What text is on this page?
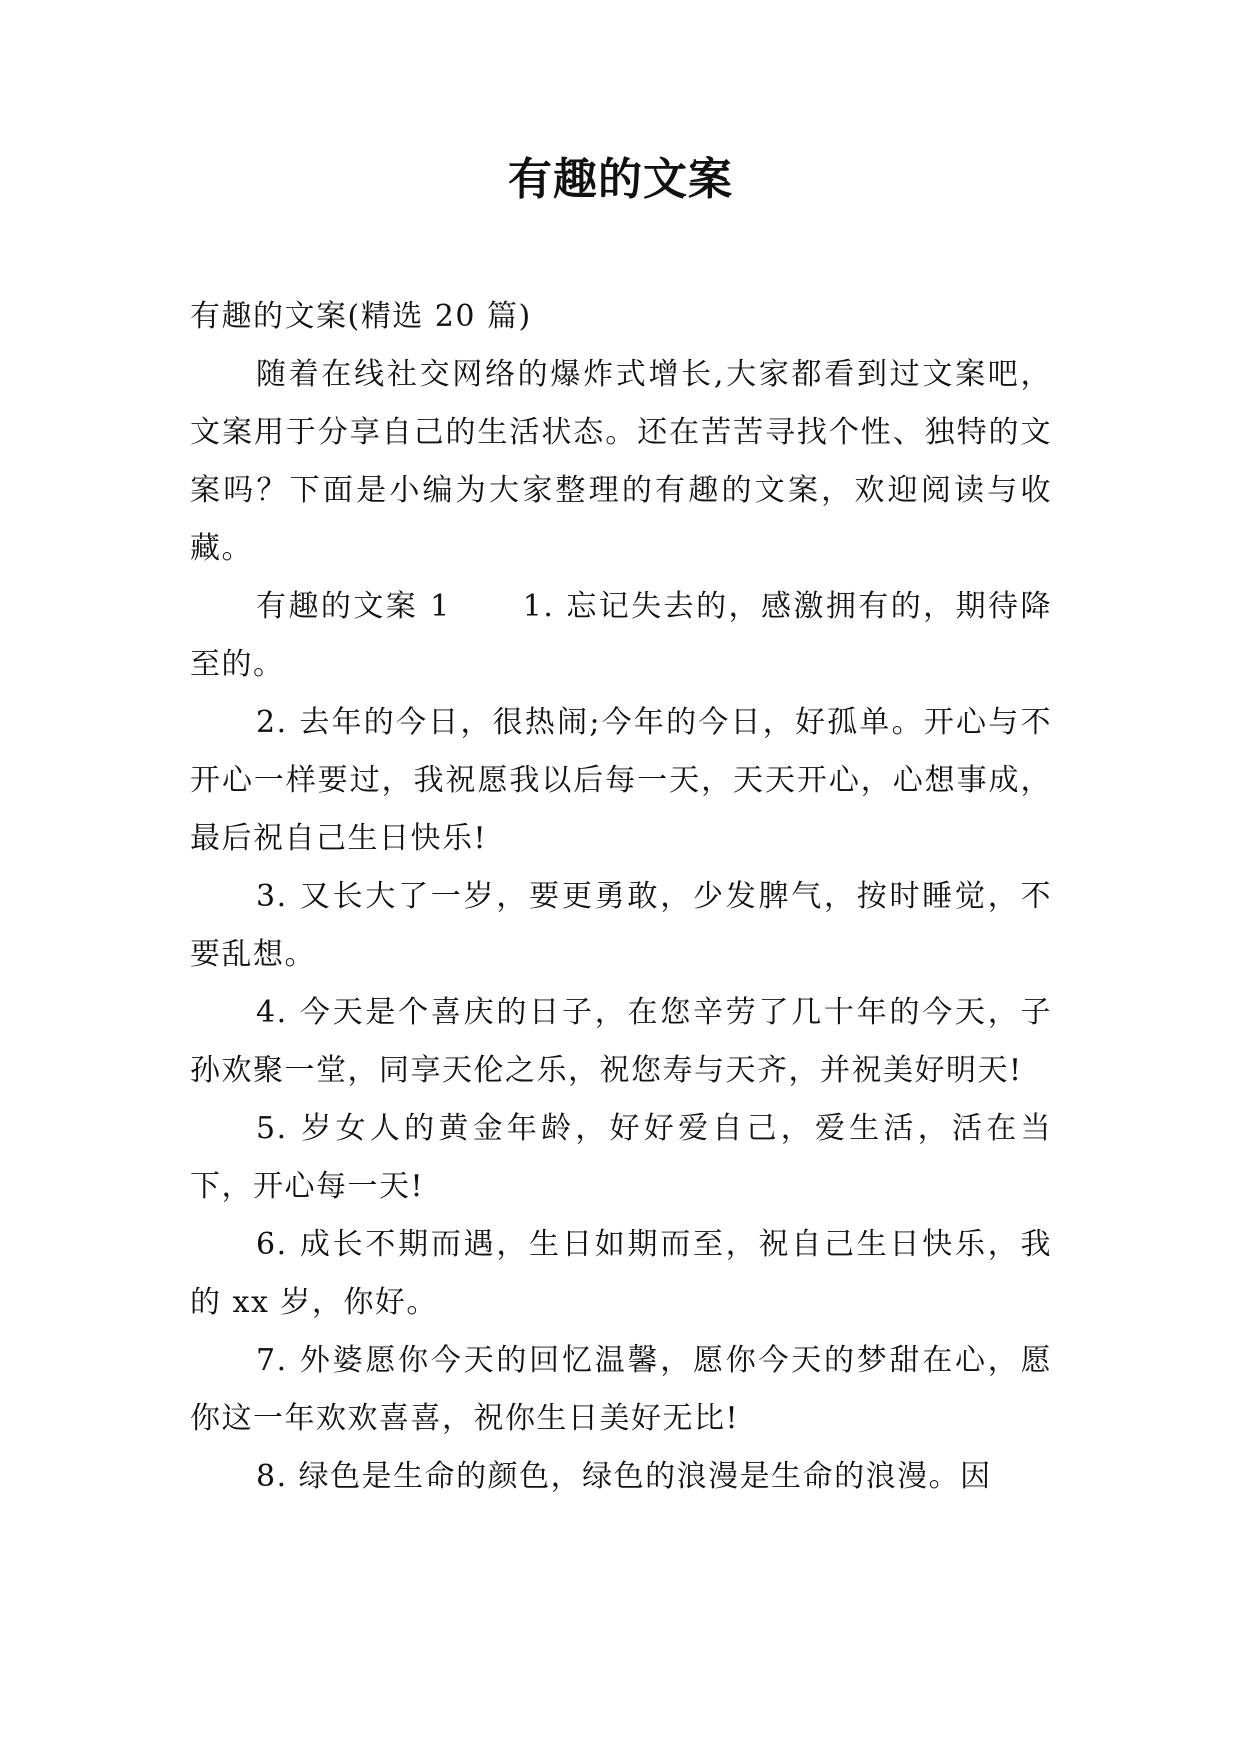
有趣的文案

有趣的文案(精选 20 篇)

随着在线社交网络的爆炸式增长,大家都看到过文案吧，文案用于分享自己的生活状态。还在苦苦寻找个性、独特的文案吗？下面是小编为大家整理的有趣的文案，欢迎阅读与收藏。

有趣的文案 1 1. 忘记失去的，感激拥有的，期待降至的。

2. 去年的今日，很热闹;今年的今日，好孤单。开心与不开心一样要过，我祝愿我以后每一天，天天开心，心想事成，最后祝自己生日快乐!

3. 又长大了一岁，要更勇敢，少发脾气，按时睡觉，不要乱想。

4. 今天是个喜庆的日子，在您辛劳了几十年的今天，子孙欢聚一堂，同享天伦之乐，祝您寿与天齐，并祝美好明天!

5. 岁女人的黄金年龄，好好爱自己，爱生活，活在当下，开心每一天!

6. 成长不期而遇，生日如期而至，祝自己生日快乐，我的 xx 岁，你好。

7. 外婆愿你今天的回忆温馨，愿你今天的梦甜在心，愿你这一年欢欢喜喜，祝你生日美好无比!

8. 绿色是生命的颜色，绿色的浪漫是生命的浪漫。因
